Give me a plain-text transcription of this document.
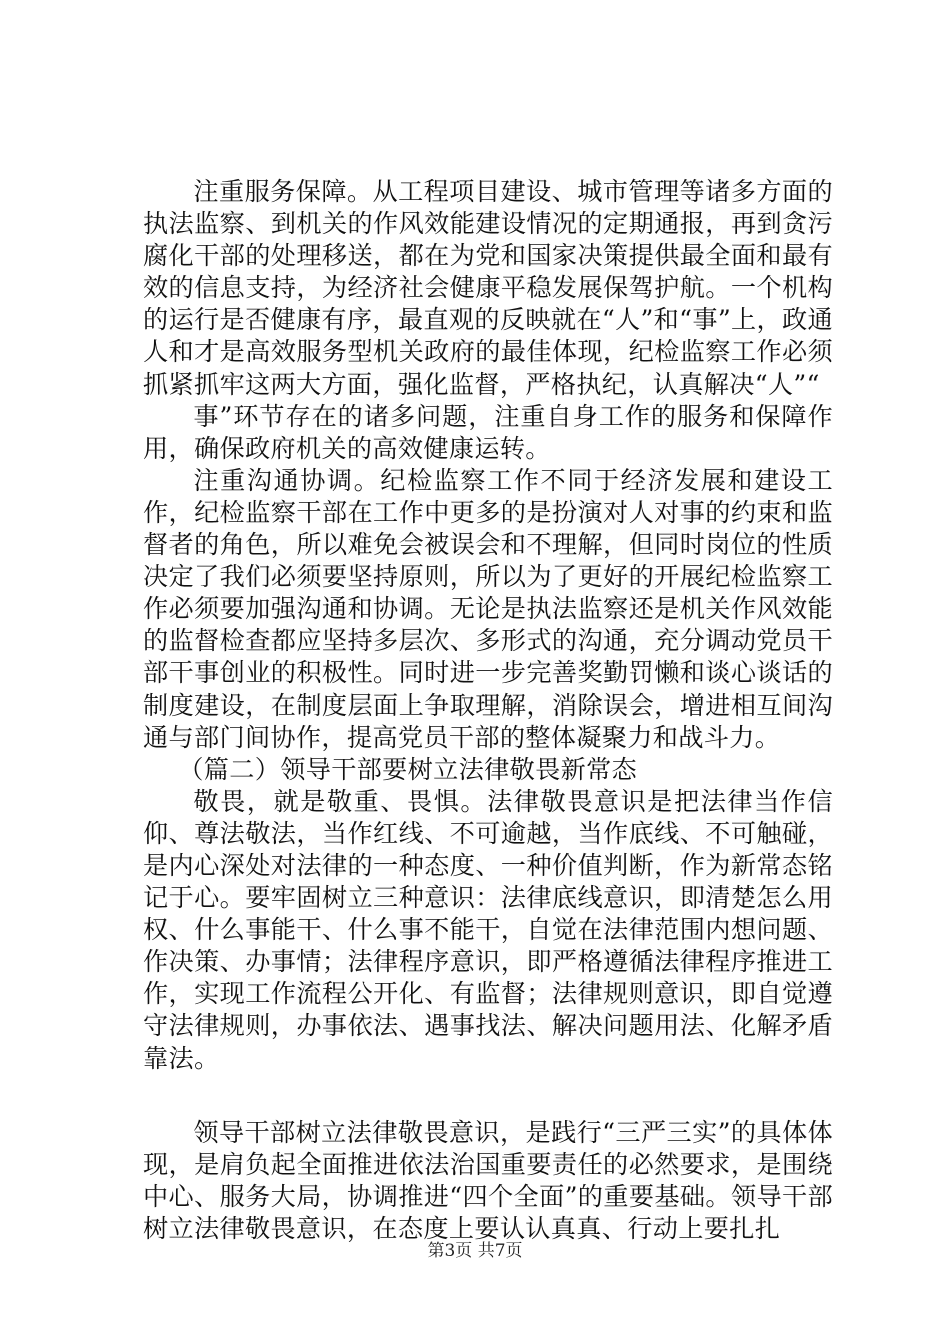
注重服务保障。从工程项目建设、城市管理等诸多方面的执法监察、到机关的作风效能建设情况的定期通报，再到贪污腐化干部的处理移送，都在为党和国家决策提供最全面和最有效的信息支持，为经济社会健康平稳发展保驾护航。一个机构的运行是否健康有序，最直观的反映就在“人”和“事”上，政通人和才是高效服务型机关政府的最佳体现，纪检监察工作必须抓紧抓牢这两大方面，强化监督，严格执纪，认真解决“人”“

事”环节存在的诸多问题，注重自身工作的服务和保障作用，确保政府机关的高效健康运转。

注重沟通协调。纪检监察工作不同于经济发展和建设工作，纪检监察干部在工作中更多的是扮演对人对事的约束和监督者的角色，所以难免会被误会和不理解，但同时岗位的性质决定了我们必须要坚持原则，所以为了更好的开展纪检监察工作必须要加强沟通和协调。无论是执法监察还是机关作风效能的监督检查都应坚持多层次、多形式的沟通，充分调动党员干部干事创业的积极性。同时进一步完善奖勤罚懒和谈心谈话的制度建设，在制度层面上争取理解，消除误会，增进相互间沟通与部门间协作，提高党员干部的整体凝聚力和战斗力。

（篇二）领导干部要树立法律敬畏新常态

敬畏，就是敬重、畏惧。法律敬畏意识是把法律当作信仰、尊法敬法，当作红线、不可逾越，当作底线、不可触碰，是内心深处对法律的一种态度、一种价值判断，作为新常态铭记于心。要牢固树立三种意识：法律底线意识，即清楚怎么用权、什么事能干、什么事不能干，自觉在法律范围内想问题、作决策、办事情；法律程序意识，即严格遵循法律程序推进工作，实现工作流程公开化、有监督；法律规则意识，即自觉遵守法律规则，办事依法、遇事找法、解决问题用法、化解矛盾靠法。

领导干部树立法律敬畏意识，是践行“三严三实”的具体体现，是肩负起全面推进依法治国重要责任的必然要求，是围绕中心、服务大局，协调推进“四个全面”的重要基础。领导干部树立法律敬畏意识，在态度上要认认真真、行动上要扎扎

第3页 共7页
